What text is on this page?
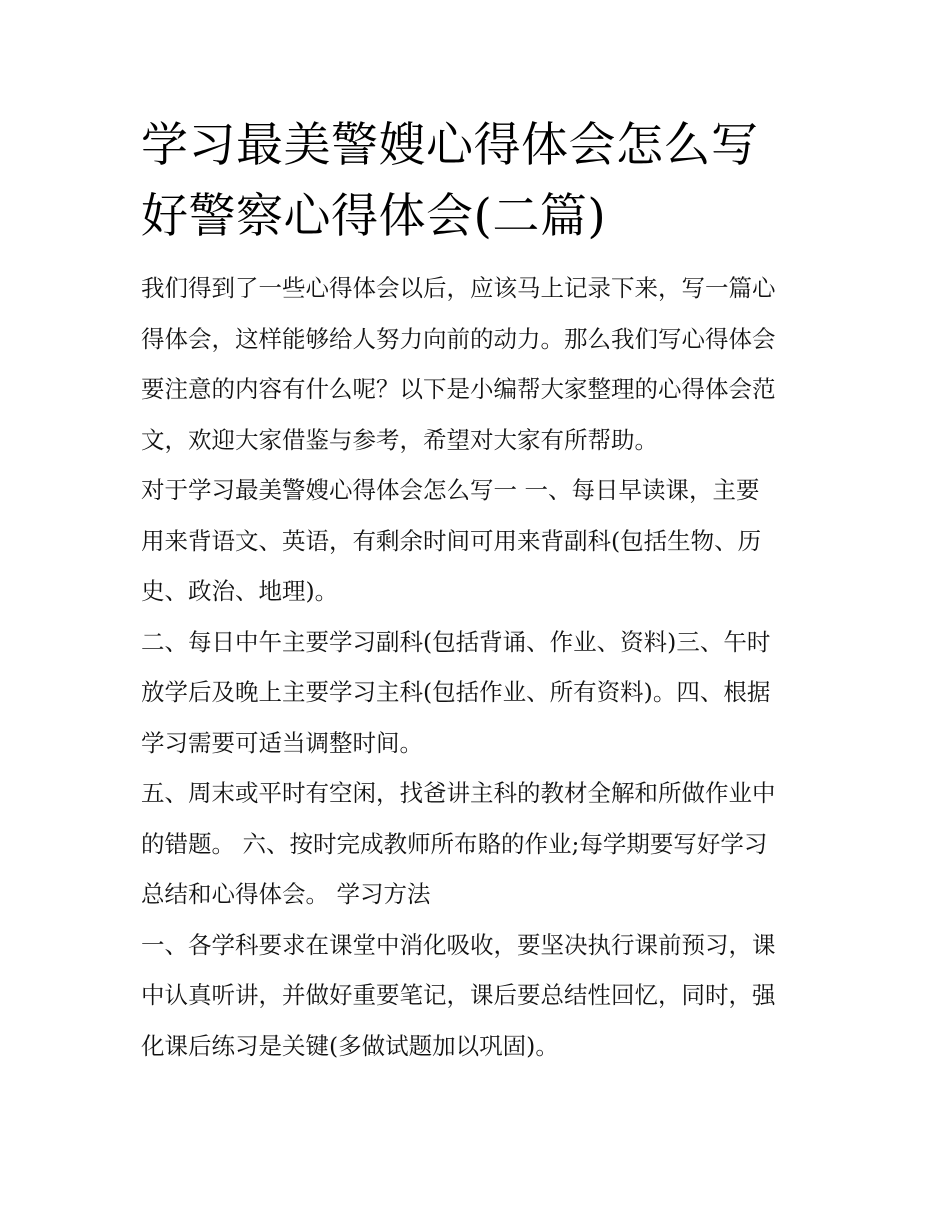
学习最美警嫂心得体会怎么写
好警察心得体会(二篇)

我们得到了一些心得体会以后，应该马上记录下来，写一篇心
得体会，这样能够给人努力向前的动力。那么我们写心得体会
要注意的内容有什么呢？以下是小编帮大家整理的心得体会范
文，欢迎大家借鉴与参考，希望对大家有所帮助。

对于学习最美警嫂心得体会怎么写一 一、每日早读课，主要
用来背语文、英语，有剩余时间可用来背副科(包括生物、历
史、政治、地理)。

二、每日中午主要学习副科(包括背诵、作业、资料)三、午时
放学后及晚上主要学习主科(包括作业、所有资料)。四、根据
学习需要可适当调整时间。

五、周末或平时有空闲，找爸讲主科的教材全解和所做作业中
的错题。 六、按时完成教师所布賂的作业;每学期要写好学习
总结和心得体会。 学习方法

一、各学科要求在课堂中消化吸收，要坚决执行课前预习，课
中认真听讲，并做好重要笔记，课后要总结性回忆，同时，强
化课后练习是关键(多做试题加以巩固)。
